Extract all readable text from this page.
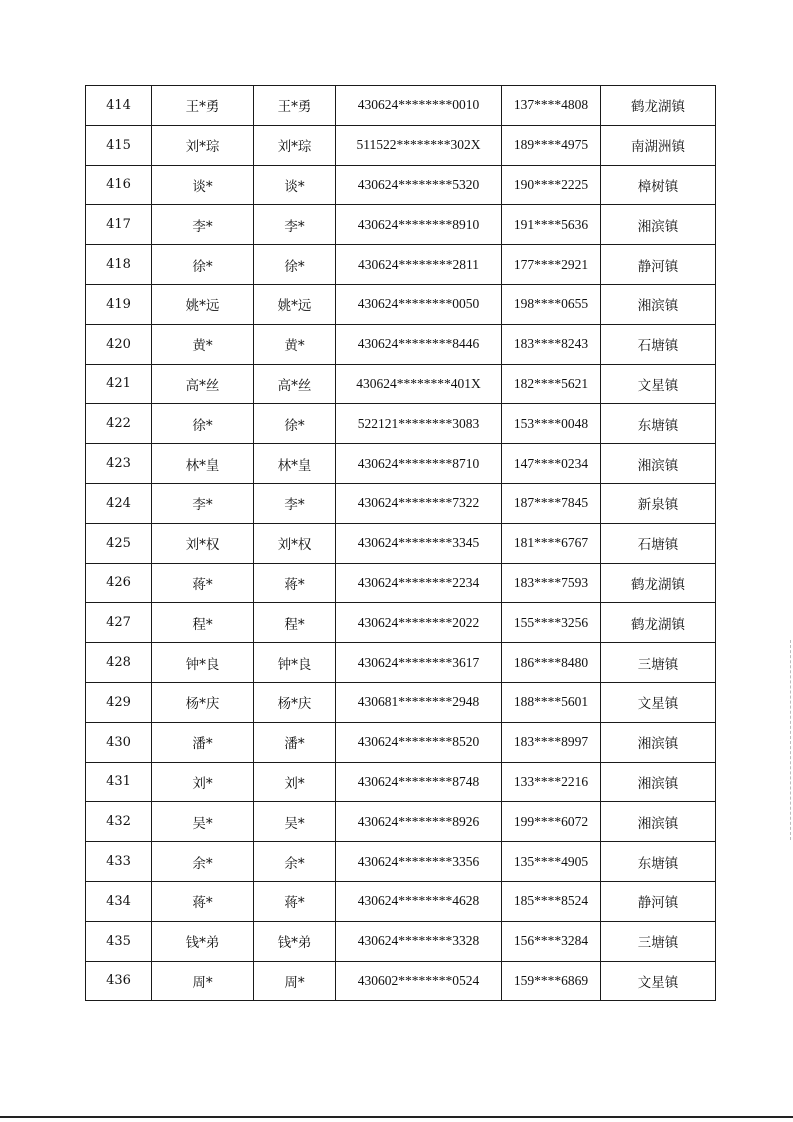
414	王*勇	王*勇	430624********0010	137****4808	鹤龙湖镇
415	刘*琮	刘*琮	511522********302X	189****4975	南湖洲镇
416	谈*	谈*	430624********5320	190****2225	樟树镇
417	李*	李*	430624********8910	191****5636	湘滨镇
418	徐*	徐*	430624********2811	177****2921	静河镇
419	姚*远	姚*远	430624********0050	198****0655	湘滨镇
420	黄*	黄*	430624********8446	183****8243	石塘镇
421	高*丝	高*丝	430624********401X	182****5621	文星镇
422	徐*	徐*	522121********3083	153****0048	东塘镇
423	林*皇	林*皇	430624********8710	147****0234	湘滨镇
424	李*	李*	430624********7322	187****7845	新泉镇
425	刘*权	刘*权	430624********3345	181****6767	石塘镇
426	蒋*	蒋*	430624********2234	183****7593	鹤龙湖镇
427	程*	程*	430624********2022	155****3256	鹤龙湖镇
428	钟*良	钟*良	430624********3617	186****8480	三塘镇
429	杨*庆	杨*庆	430681********2948	188****5601	文星镇
430	潘*	潘*	430624********8520	183****8997	湘滨镇
431	刘*	刘*	430624********8748	133****2216	湘滨镇
432	吴*	吴*	430624********8926	199****6072	湘滨镇
433	余*	余*	430624********3356	135****4905	东塘镇
434	蒋*	蒋*	430624********4628	185****8524	静河镇
435	钱*弟	钱*弟	430624********3328	156****3284	三塘镇
436	周*	周*	430602********0524	159****6869	文星镇
